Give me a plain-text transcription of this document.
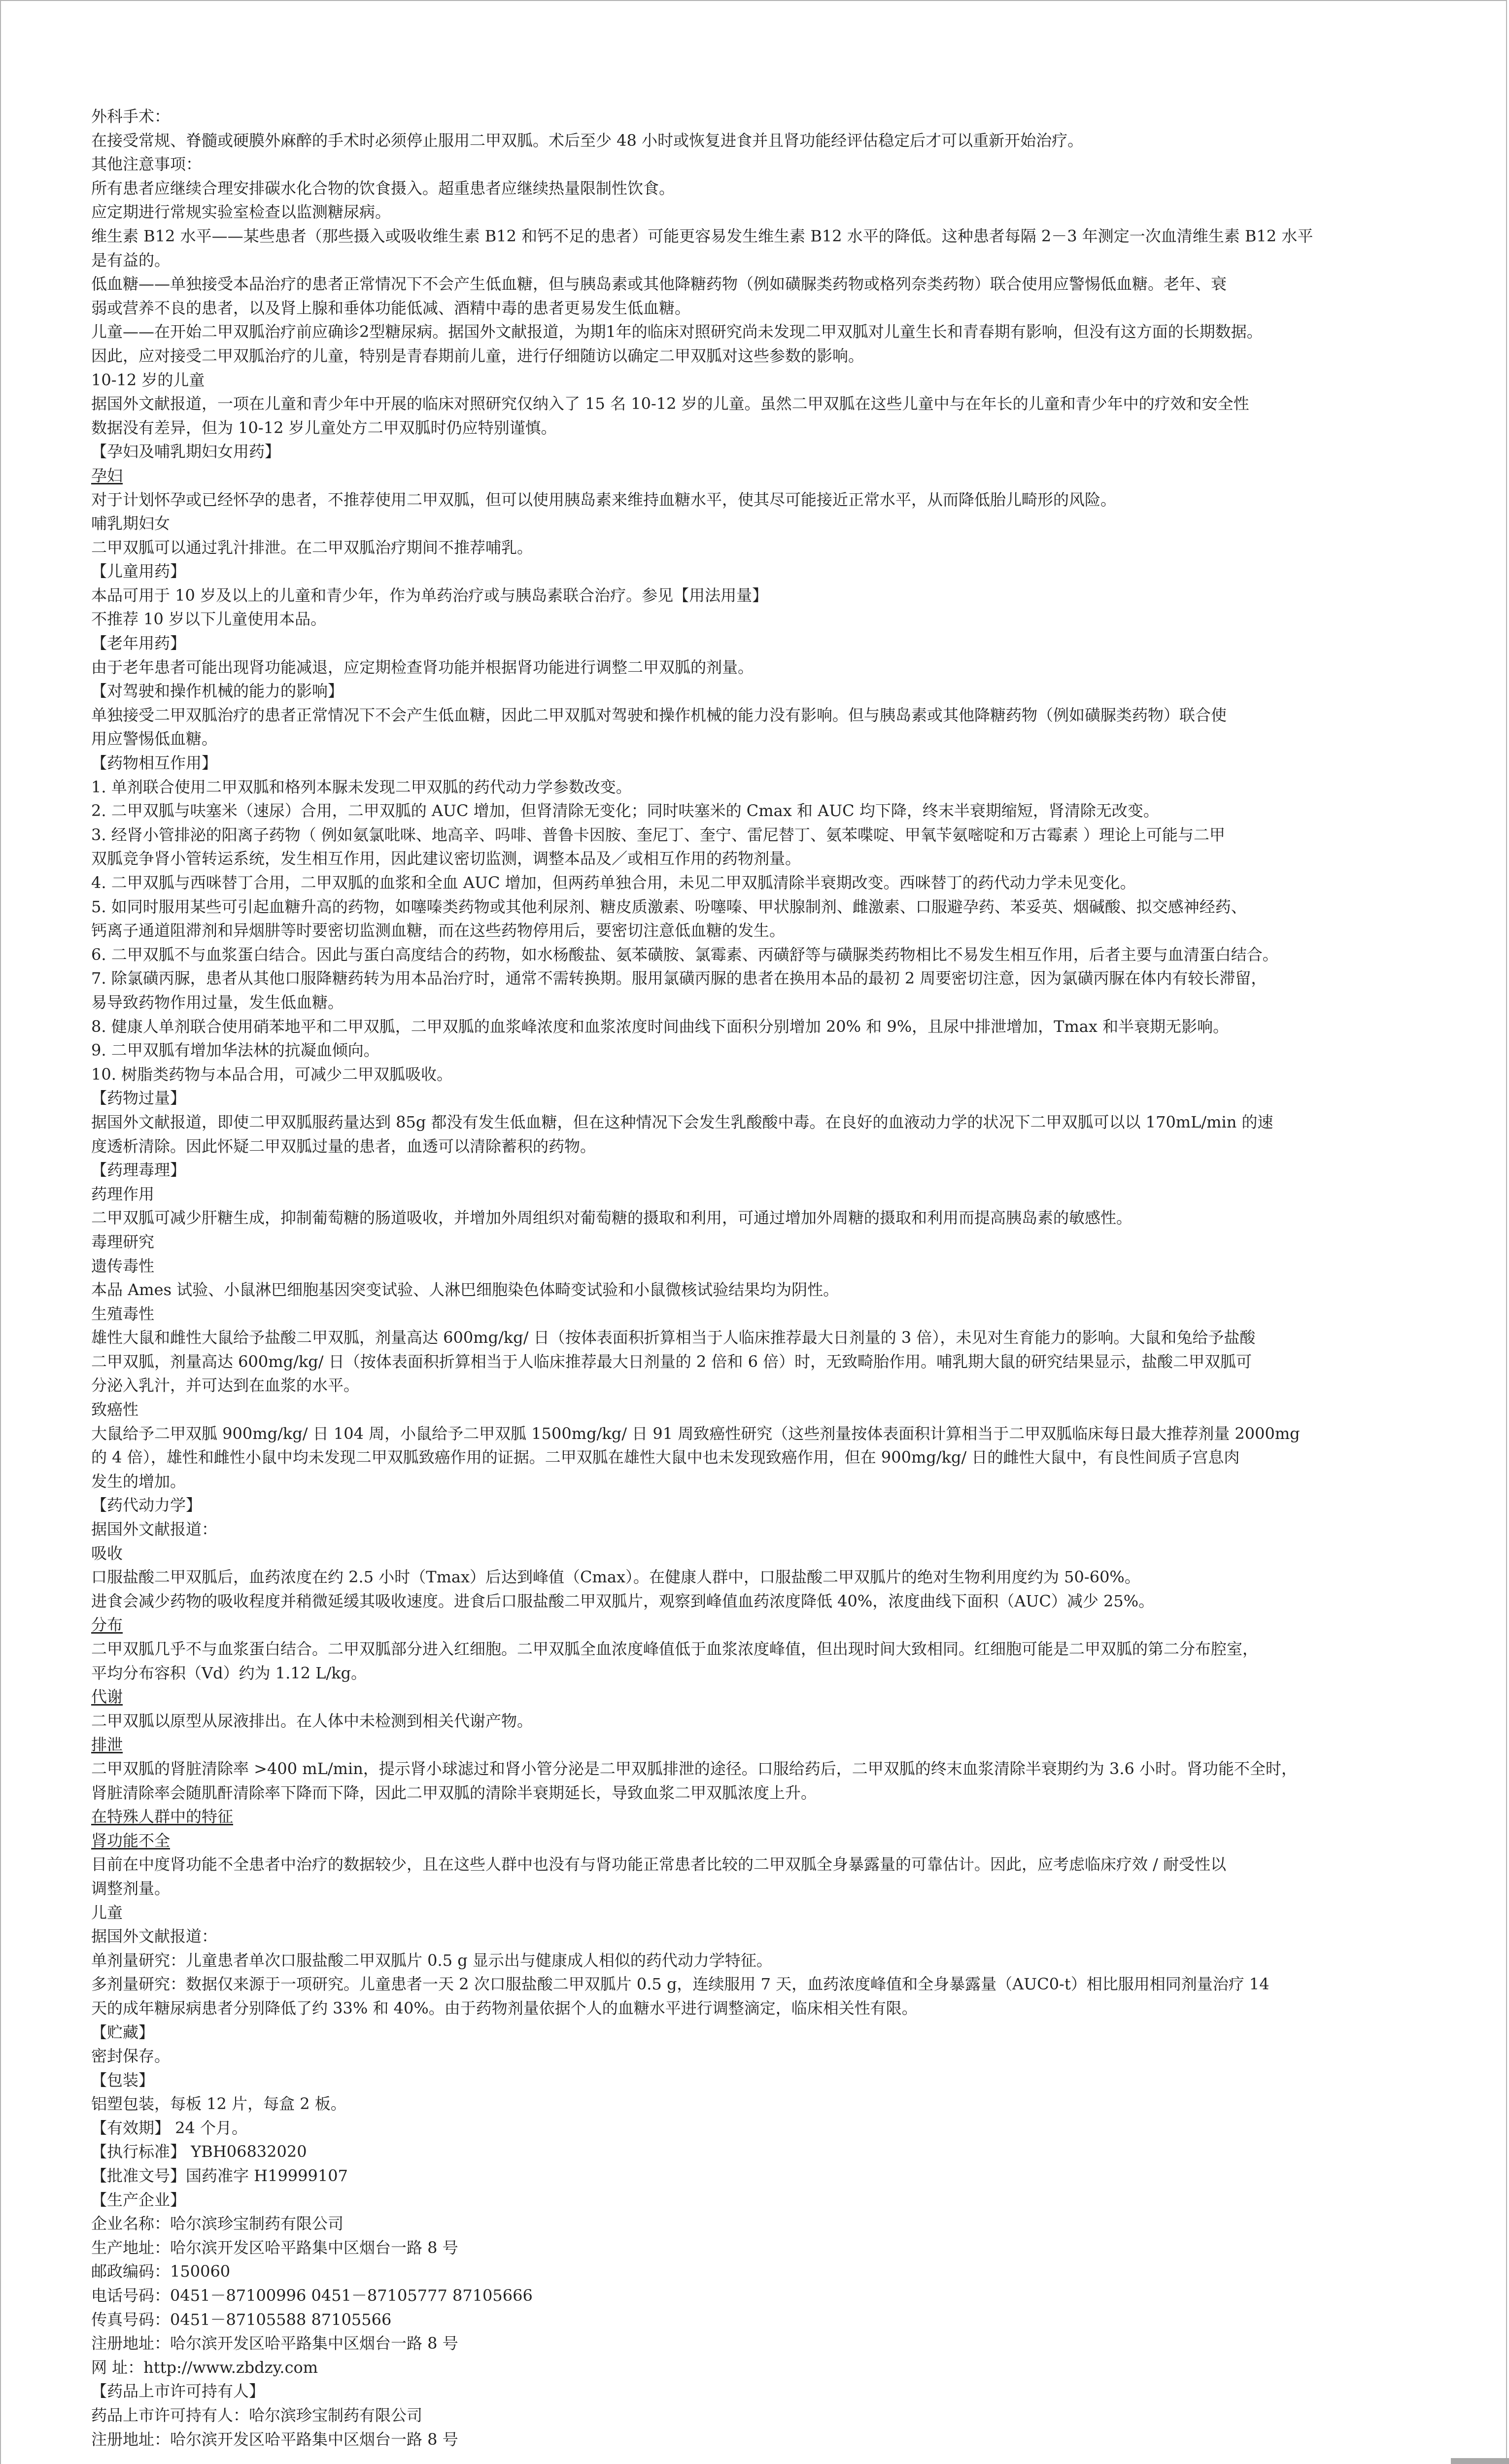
外科手术：
在接受常规、脊髓或硬膜外麻醉的手术时必须停止服用二甲双胍。术后至少 48 小时或恢复进食并且肾功能经评估稳定后才可以重新开始治疗。
其他注意事项：
所有患者应继续合理安排碳水化合物的饮食摄入。超重患者应继续热量限制性饮食。
应定期进行常规实验室检查以监测糖尿病。
维生素 B12 水平——某些患者（那些摄入或吸收维生素 B12 和钙不足的患者）可能更容易发生维生素 B12 水平的降低。这种患者每隔 2－3 年测定一次血清维生素 B12 水平
是有益的。
低血糖——单独接受本品治疗的患者正常情况下不会产生低血糖，但与胰岛素或其他降糖药物（例如磺脲类药物或格列奈类药物）联合使用应警惕低血糖。老年、衰
弱或营养不良的患者，以及肾上腺和垂体功能低减、酒精中毒的患者更易发生低血糖。
儿童——在开始二甲双胍治疗前应确诊2型糖尿病。据国外文献报道，为期1年的临床对照研究尚未发现二甲双胍对儿童生长和青春期有影响，但没有这方面的长期数据。
因此，应对接受二甲双胍治疗的儿童，特别是青春期前儿童，进行仔细随访以确定二甲双胍对这些参数的影响。
10-12 岁的儿童
据国外文献报道，一项在儿童和青少年中开展的临床对照研究仅纳入了 15 名 10-12 岁的儿童。虽然二甲双胍在这些儿童中与在年长的儿童和青少年中的疗效和安全性
数据没有差异，但为 10-12 岁儿童处方二甲双胍时仍应特别谨慎。
【孕妇及哺乳期妇女用药】
孕妇
对于计划怀孕或已经怀孕的患者，不推荐使用二甲双胍，但可以使用胰岛素来维持血糖水平，使其尽可能接近正常水平，从而降低胎儿畸形的风险。
哺乳期妇女
二甲双胍可以通过乳汁排泄。在二甲双胍治疗期间不推荐哺乳。
【儿童用药】
本品可用于 10 岁及以上的儿童和青少年，作为单药治疗或与胰岛素联合治疗。参见【用法用量】
不推荐 10 岁以下儿童使用本品。
【老年用药】
由于老年患者可能出现肾功能减退，应定期检查肾功能并根据肾功能进行调整二甲双胍的剂量。
【对驾驶和操作机械的能力的影响】
单独接受二甲双胍治疗的患者正常情况下不会产生低血糖，因此二甲双胍对驾驶和操作机械的能力没有影响。但与胰岛素或其他降糖药物（例如磺脲类药物）联合使
用应警惕低血糖。
【药物相互作用】
1. 单剂联合使用二甲双胍和格列本脲未发现二甲双胍的药代动力学参数改变。
2. 二甲双胍与呋塞米（速尿）合用，二甲双胍的 AUC 增加，但肾清除无变化；同时呋塞米的 Cmax 和 AUC 均下降，终末半衰期缩短，肾清除无改变。
3. 经肾小管排泌的阳离子药物（ 例如氨氯吡咪、地高辛、吗啡、普鲁卡因胺、奎尼丁、奎宁、雷尼替丁、氨苯喋啶、甲氧苄氨嘧啶和万古霉素 ）理论上可能与二甲
双胍竞争肾小管转运系统，发生相互作用，因此建议密切监测，调整本品及／或相互作用的药物剂量。
4. 二甲双胍与西咪替丁合用，二甲双胍的血浆和全血 AUC 增加，但两药单独合用，未见二甲双胍清除半衰期改变。西咪替丁的药代动力学未见变化。
5. 如同时服用某些可引起血糖升高的药物，如噻嗪类药物或其他利尿剂、糖皮质激素、吩噻嗪、甲状腺制剂、雌激素、口服避孕药、苯妥英、烟碱酸、拟交感神经药、
钙离子通道阻滞剂和异烟肼等时要密切监测血糖，而在这些药物停用后，要密切注意低血糖的发生。
6. 二甲双胍不与血浆蛋白结合。因此与蛋白高度结合的药物，如水杨酸盐、氨苯磺胺、氯霉素、丙磺舒等与磺脲类药物相比不易发生相互作用，后者主要与血清蛋白结合。
7. 除氯磺丙脲，患者从其他口服降糖药转为用本品治疗时，通常不需转换期。服用氯磺丙脲的患者在换用本品的最初 2 周要密切注意，因为氯磺丙脲在体内有较长滞留，
易导致药物作用过量，发生低血糖。
8. 健康人单剂联合使用硝苯地平和二甲双胍，二甲双胍的血浆峰浓度和血浆浓度时间曲线下面积分别增加 20% 和 9%，且尿中排泄增加，Tmax 和半衰期无影响。
9. 二甲双胍有增加华法林的抗凝血倾向。
10. 树脂类药物与本品合用，可减少二甲双胍吸收。
【药物过量】
据国外文献报道，即使二甲双胍服药量达到 85g 都没有发生低血糖，但在这种情况下会发生乳酸酸中毒。在良好的血液动力学的状况下二甲双胍可以以 170mL/min 的速
度透析清除。因此怀疑二甲双胍过量的患者，血透可以清除蓄积的药物。
【药理毒理】
药理作用
二甲双胍可减少肝糖生成，抑制葡萄糖的肠道吸收，并增加外周组织对葡萄糖的摄取和利用，可通过增加外周糖的摄取和利用而提高胰岛素的敏感性。
毒理研究
遗传毒性
本品 Ames 试验、小鼠淋巴细胞基因突变试验、人淋巴细胞染色体畸变试验和小鼠微核试验结果均为阴性。
生殖毒性
雄性大鼠和雌性大鼠给予盐酸二甲双胍，剂量高达 600mg/kg/ 日（按体表面积折算相当于人临床推荐最大日剂量的 3 倍），未见对生育能力的影响。大鼠和兔给予盐酸
二甲双胍，剂量高达 600mg/kg/ 日（按体表面积折算相当于人临床推荐最大日剂量的 2 倍和 6 倍）时，无致畸胎作用。哺乳期大鼠的研究结果显示，盐酸二甲双胍可
分泌入乳汁，并可达到在血浆的水平。
致癌性
大鼠给予二甲双胍 900mg/kg/ 日 104 周，小鼠给予二甲双胍 1500mg/kg/ 日 91 周致癌性研究（这些剂量按体表面积计算相当于二甲双胍临床每日最大推荐剂量 2000mg
的 4 倍），雄性和雌性小鼠中均未发现二甲双胍致癌作用的证据。二甲双胍在雄性大鼠中也未发现致癌作用，但在 900mg/kg/ 日的雌性大鼠中，有良性间质子宫息肉
发生的增加。
【药代动力学】
据国外文献报道：
吸收
口服盐酸二甲双胍后，血药浓度在约 2.5 小时（Tmax）后达到峰值（Cmax）。在健康人群中，口服盐酸二甲双胍片的绝对生物利用度约为 50-60%。
进食会减少药物的吸收程度并稍微延缓其吸收速度。进食后口服盐酸二甲双胍片，观察到峰值血药浓度降低 40%，浓度曲线下面积（AUC）减少 25%。
分布
二甲双胍几乎不与血浆蛋白结合。二甲双胍部分进入红细胞。二甲双胍全血浓度峰值低于血浆浓度峰值，但出现时间大致相同。红细胞可能是二甲双胍的第二分布腔室，
平均分布容积（Vd）约为 1.12 L/kg。
代谢
二甲双胍以原型从尿液排出。在人体中未检测到相关代谢产物。
排泄
二甲双胍的肾脏清除率 >400 mL/min，提示肾小球滤过和肾小管分泌是二甲双胍排泄的途径。口服给药后，二甲双胍的终末血浆清除半衰期约为 3.6 小时。肾功能不全时，
肾脏清除率会随肌酐清除率下降而下降，因此二甲双胍的清除半衰期延长，导致血浆二甲双胍浓度上升。
在特殊人群中的特征
肾功能不全
目前在中度肾功能不全患者中治疗的数据较少，且在这些人群中也没有与肾功能正常患者比较的二甲双胍全身暴露量的可靠估计。因此，应考虑临床疗效 / 耐受性以
调整剂量。
儿童
据国外文献报道：
单剂量研究：儿童患者单次口服盐酸二甲双胍片 0.5 g 显示出与健康成人相似的药代动力学特征。
多剂量研究：数据仅来源于一项研究。儿童患者一天 2 次口服盐酸二甲双胍片 0.5 g，连续服用 7 天，血药浓度峰值和全身暴露量（AUC0-t）相比服用相同剂量治疗 14
天的成年糖尿病患者分别降低了约 33% 和 40%。由于药物剂量依据个人的血糖水平进行调整滴定，临床相关性有限。
【贮藏】
密封保存。
【包装】
铝塑包装，每板 12 片，每盒 2 板。
【有效期】 24 个月。
【执行标准】 YBH06832020
【批准文号】国药准字 H19999107
【生产企业】
企业名称：哈尔滨珍宝制药有限公司
生产地址：哈尔滨开发区哈平路集中区烟台一路 8 号
邮政编码：150060
电话号码：0451－87100996 0451－87105777 87105666
传真号码：0451－87105588 87105566
注册地址：哈尔滨开发区哈平路集中区烟台一路 8 号
网 址：http://www.zbdzy.com
【药品上市许可持有人】
药品上市许可持有人：哈尔滨珍宝制药有限公司
注册地址：哈尔滨开发区哈平路集中区烟台一路 8 号
